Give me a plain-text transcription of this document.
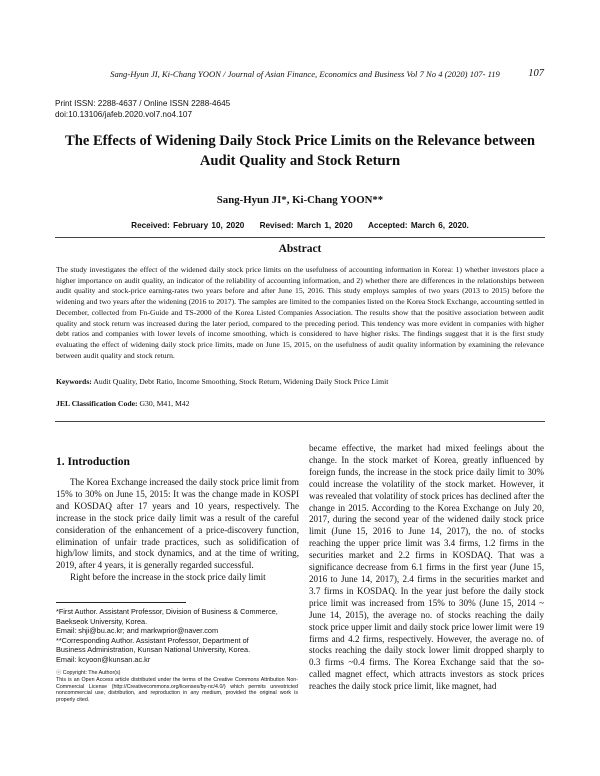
Sang-Hyun JI, Ki-Chang YOON / Journal of Asian Finance, Economics and Business Vol 7 No 4 (2020) 107- 119	107
Print ISSN: 2288-4637 / Online ISSN 2288-4645
doi:10.13106/jafeb.2020.vol7.no4.107
The Effects of Widening Daily Stock Price Limits on the Relevance between Audit Quality and Stock Return
Sang-Hyun JI*, Ki-Chang YOON**
Received: February 10, 2020 Revised: March 1, 2020 Accepted: March 6, 2020.
Abstract
The study investigates the effect of the widened daily stock price limits on the usefulness of accounting information in Korea: 1) whether investors place a higher importance on audit quality, an indicator of the reliability of accounting information, and 2) whether there are differences in the relationships between audit quality and stock-price earning-rates two years before and after June 15, 2016. This study employs samples of two years (2013 to 2015) before the widening and two years after the widening (2016 to 2017). The samples are limited to the companies listed on the Korea Stock Exchange, accounting settled in December, collected from Fn-Guide and TS-2000 of the Korea Listed Companies Association. The results show that the positive association between audit quality and stock return was increased during the later period, compared to the preceding period. This tendency was more evident in companies with higher debt ratios and companies with lower levels of income smoothing, which is considered to have higher risks. The findings suggest that it is the first study evaluating the effect of widening daily stock price limits, made on June 15, 2015, on the usefulness of audit quality information by examining the relevance between audit quality and stock return.
Keywords: Audit Quality, Debt Ratio, Income Smoothing, Stock Return, Widening Daily Stock Price Limit
JEL Classification Code: G30, M41, M42
1. Introduction

The Korea Exchange increased the daily stock price limit from 15% to 30% on June 15, 2015: It was the change made in KOSPI and KOSDAQ after 17 years and 10 years, respectively. The increase in the stock price daily limit was a result of the careful consideration of the enhancement of a price-discovery function, elimination of unfair trade practices, such as solidification of high/low limits, and stock dynamics, and at the time of writing, 2019, after 4 years, it is generally regarded successful.

Right before the increase in the stock price daily limit

became effective, the market had mixed feelings about the change. In the stock market of Korea, greatly influenced by foreign funds, the increase in the stock price daily limit to 30% could increase the volatility of the stock market. However, it was revealed that volatility of stock prices has declined after the change in 2015. According to the Korea Exchange on July 20, 2017, during the second year of the widened daily stock price limit (June 15, 2016 to June 14, 2017), the no. of stocks reaching the upper price limit was 3.4 firms, 1.2 firms in the securities market and 2.2 firms in KOSDAQ. That was a significance decrease from 6.1 firms in the first year (June 15, 2016 to June 14, 2017), 2.4 firms in the securities market and 3.7 firms in KOSDAQ. In the year just before the daily stock price limit was increased from 15% to 30% (June 15, 2014 ~ June 14, 2015), the average no. of stocks reaching the daily stock price upper limit and daily stock price lower limit were 19 firms and 4.2 firms, respectively. However, the average no. of stocks reaching the daily stock lower limit dropped sharply to 0.3 firms ~0.4 firms. The Korea Exchange said that the so-called magnet effect, which attracts investors as stock prices reaches the daily stock price limit, like magnet, had

*First Author. Assistant Professor, Division of Business & Commerce,

Baekseok University, Korea.

Email: shji@bu.ac.kr; and markwprior@naver.com

**Corresponding Author. Assistant Professor, Department of

Business Administration, Kunsan National University, Korea.

Email: kcyoon@kunsan.ac.kr

ⓒ Copyright: The Author(s)

This is an Open Access article distributed under the terms of the Creative Commons Attribution Non-Commercial License (http://Creativecommons.org/licenses/by-nc/4.0/) which permits unrestricted noncommercial use, distribution, and reproduction in any medium, provided the original work is properly cited.
